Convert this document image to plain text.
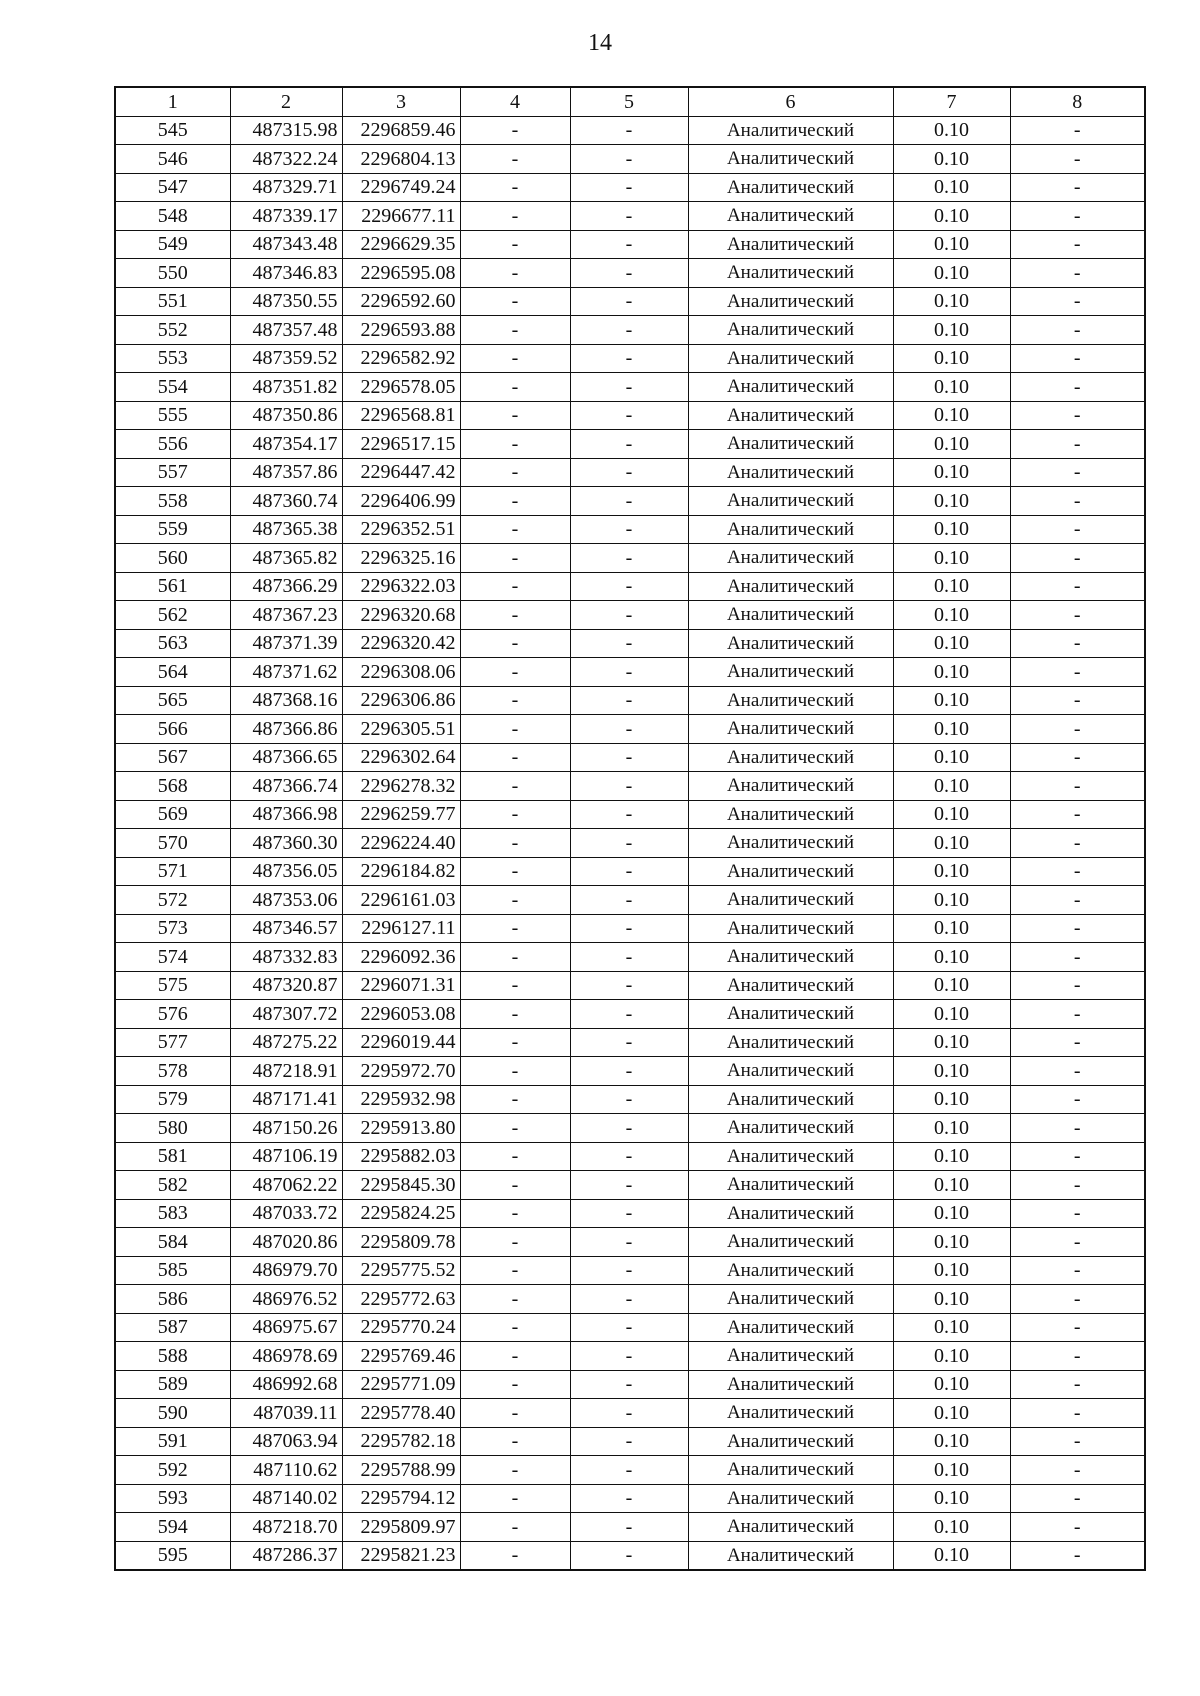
14
1	2	3	4	5	6	7	8
545	487315.98	2296859.46	-	-	Аналитический	0.10	-
546	487322.24	2296804.13	-	-	Аналитический	0.10	-
547	487329.71	2296749.24	-	-	Аналитический	0.10	-
548	487339.17	2296677.11	-	-	Аналитический	0.10	-
549	487343.48	2296629.35	-	-	Аналитический	0.10	-
550	487346.83	2296595.08	-	-	Аналитический	0.10	-
551	487350.55	2296592.60	-	-	Аналитический	0.10	-
552	487357.48	2296593.88	-	-	Аналитический	0.10	-
553	487359.52	2296582.92	-	-	Аналитический	0.10	-
554	487351.82	2296578.05	-	-	Аналитический	0.10	-
555	487350.86	2296568.81	-	-	Аналитический	0.10	-
556	487354.17	2296517.15	-	-	Аналитический	0.10	-
557	487357.86	2296447.42	-	-	Аналитический	0.10	-
558	487360.74	2296406.99	-	-	Аналитический	0.10	-
559	487365.38	2296352.51	-	-	Аналитический	0.10	-
560	487365.82	2296325.16	-	-	Аналитический	0.10	-
561	487366.29	2296322.03	-	-	Аналитический	0.10	-
562	487367.23	2296320.68	-	-	Аналитический	0.10	-
563	487371.39	2296320.42	-	-	Аналитический	0.10	-
564	487371.62	2296308.06	-	-	Аналитический	0.10	-
565	487368.16	2296306.86	-	-	Аналитический	0.10	-
566	487366.86	2296305.51	-	-	Аналитический	0.10	-
567	487366.65	2296302.64	-	-	Аналитический	0.10	-
568	487366.74	2296278.32	-	-	Аналитический	0.10	-
569	487366.98	2296259.77	-	-	Аналитический	0.10	-
570	487360.30	2296224.40	-	-	Аналитический	0.10	-
571	487356.05	2296184.82	-	-	Аналитический	0.10	-
572	487353.06	2296161.03	-	-	Аналитический	0.10	-
573	487346.57	2296127.11	-	-	Аналитический	0.10	-
574	487332.83	2296092.36	-	-	Аналитический	0.10	-
575	487320.87	2296071.31	-	-	Аналитический	0.10	-
576	487307.72	2296053.08	-	-	Аналитический	0.10	-
577	487275.22	2296019.44	-	-	Аналитический	0.10	-
578	487218.91	2295972.70	-	-	Аналитический	0.10	-
579	487171.41	2295932.98	-	-	Аналитический	0.10	-
580	487150.26	2295913.80	-	-	Аналитический	0.10	-
581	487106.19	2295882.03	-	-	Аналитический	0.10	-
582	487062.22	2295845.30	-	-	Аналитический	0.10	-
583	487033.72	2295824.25	-	-	Аналитический	0.10	-
584	487020.86	2295809.78	-	-	Аналитический	0.10	-
585	486979.70	2295775.52	-	-	Аналитический	0.10	-
586	486976.52	2295772.63	-	-	Аналитический	0.10	-
587	486975.67	2295770.24	-	-	Аналитический	0.10	-
588	486978.69	2295769.46	-	-	Аналитический	0.10	-
589	486992.68	2295771.09	-	-	Аналитический	0.10	-
590	487039.11	2295778.40	-	-	Аналитический	0.10	-
591	487063.94	2295782.18	-	-	Аналитический	0.10	-
592	487110.62	2295788.99	-	-	Аналитический	0.10	-
593	487140.02	2295794.12	-	-	Аналитический	0.10	-
594	487218.70	2295809.97	-	-	Аналитический	0.10	-
595	487286.37	2295821.23	-	-	Аналитический	0.10	-
